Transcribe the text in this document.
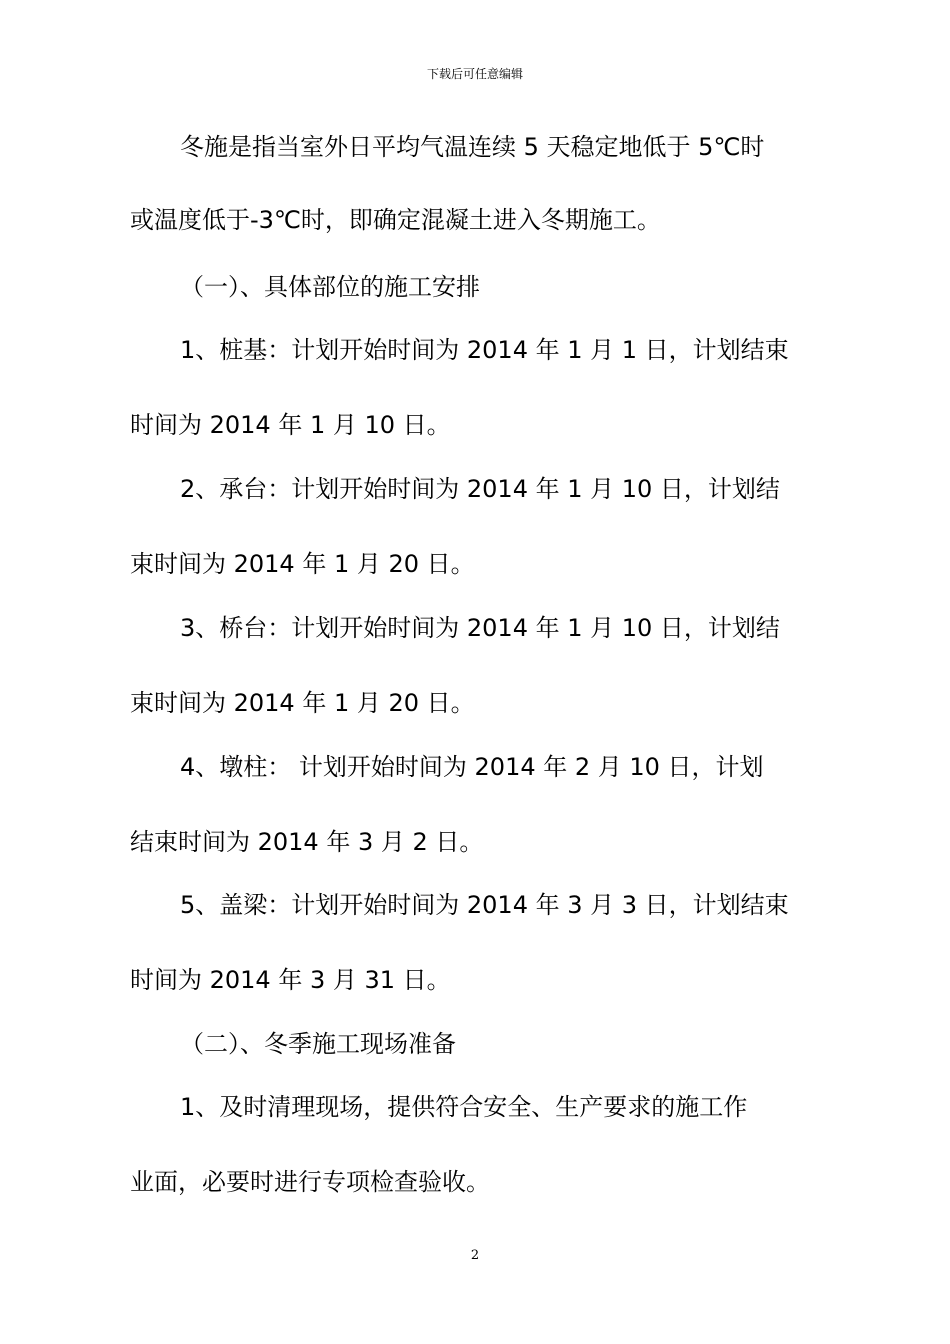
下载后可任意编辑
冬施是指当室外日平均气温连续 5 天稳定地低于 5℃时
或温度低于-3℃时，即确定混凝土进入冬期施工。
（一）、具体部位的施工安排
1、桩基：计划开始时间为 2014 年 1 月 1 日，计划结束
时间为 2014 年 1 月 10 日。
2、承台：计划开始时间为 2014 年 1 月 10 日，计划结
束时间为 2014 年 1 月 20 日。
3、桥台：计划开始时间为 2014 年 1 月 10 日，计划结
束时间为 2014 年 1 月 20 日。
4、墩柱： 计划开始时间为 2014 年 2 月 10 日，计划
结束时间为 2014 年 3 月 2 日。
5、盖梁：计划开始时间为 2014 年 3 月 3 日，计划结束
时间为 2014 年 3 月 31 日。
（二）、冬季施工现场准备
1、及时清理现场，提供符合安全、生产要求的施工作
业面，必要时进行专项检查验收。
2
